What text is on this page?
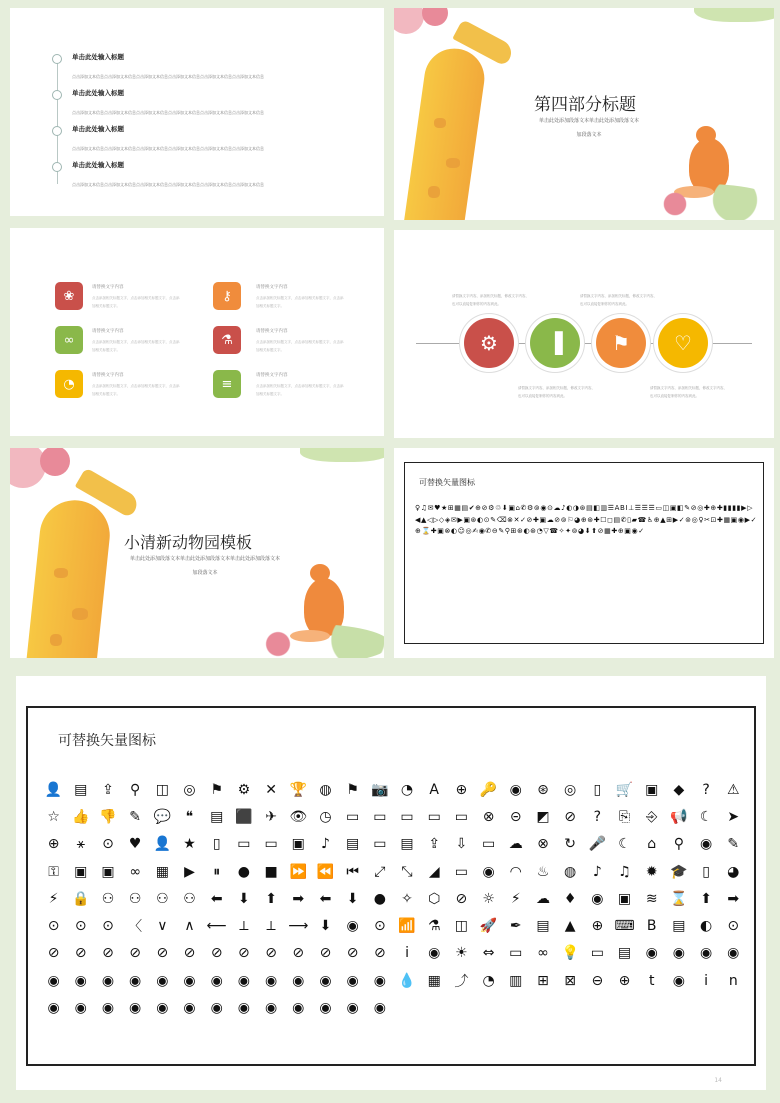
单击此处输入标题
点击添加文本信息点击添加文本信息点击添加文本信息点击添加文本信息点击添加文本信息点击添加文本信息
单击此处输入标题
点击添加文本信息点击添加文本信息点击添加文本信息点击添加文本信息点击添加文本信息点击添加文本信息
单击此处输入标题
点击添加文本信息点击添加文本信息点击添加文本信息点击添加文本信息点击添加文本信息点击添加文本信息
单击此处输入标题
点击添加文本信息点击添加文本信息点击添加文本信息点击添加文本信息点击添加文本信息点击添加文本信息
第四部分标题
单击此处添加段落文本单击此处添加段落文本
加段落文本
❀
请替换文字内容
点击添加相关标题文字，点击添加相关标题文字，点击添加相关标题文字。
⚷
请替换文字内容
点击添加相关标题文字，点击添加相关标题文字，点击添加相关标题文字。
∞
请替换文字内容
点击添加相关标题文字，点击添加相关标题文字，点击添加相关标题文字。
⚗
请替换文字内容
点击添加相关标题文字，点击添加相关标题文字，点击添加相关标题文字。
◔
请替换文字内容
点击添加相关标题文字，点击添加相关标题文字，点击添加相关标题文字。
≡
请替换文字内容
点击添加相关标题文字，点击添加相关标题文字，点击添加相关标题文字。
请替换文字内容，添加相关标题，修改文字内容，也可以直接复制你的内容到此。
请替换文字内容，添加相关标题，修改文字内容，也可以直接复制你的内容到此。
⚙ ▐ ⚑ ♡
请替换文字内容，添加相关标题，修改文字内容，也可以直接复制你的内容到此。
请替换文字内容，添加相关标题，修改文字内容，也可以直接复制你的内容到此。
小清新动物园模板
单击此处添加段落文本单击此处添加段落文本单击此处添加段落文本
加段落文本
可替换矢量图标
♀♫✉♥★⊞▦▤✔⊕⊘⚙♲⬇▣⌂✆⚙⊚◉⊙☁♪◐◑⊛▤◧▥☰ABI⊥☰☰☰▭◫▣◧✎⊘◎✚⊕✚▮▮▮▮▶▷◀▲◁▷◇◈✉▶▣⊛◐⊙✎⌫⊗✕✓⊘✚▣☁⊘⊚⚐◕⊕⊛✚☐◻▤✆▯▰☎♿⊕▲⊞▶✓⊚◎♀✂⊡✚▦▣◉▶✓⊕⌛✚▣⊗◐☺◎✍◉✆⊖✎⚲⊞⊛◐⊛◔▽☎✧✦⊚◕⬇⬆⊘▦✚⊕▣◉✓
可替换矢量图标
👤 ▤	⇪	⚲	◫	◎	⚑	⚙	✕ 🏆 ◍	⚑ 📷 ◔	A	⊕ 🔑 ◉	⊛	◎	▯	🛒 ▣	◆	?	⚠
☆ 👍 👎 ✎ 💬	❝	▤ ⬛ ✈ 👁 ◷	▭ ▭ ▭ ▭ ▭	⊗	⊝	◩	⊘	?	⎘	⎆ 📢 ☾	➤
⊕	⚹	⊙	♥ 👤 ★	▯	▭ ▭ ▣	♪	▤ ▭ ▤	⇪	⇩	▭ ☁	⊗	↻ 🎤 ☾	⌂	⚲	◉	✎
⚿	▣ ▣	∞	▦	▶	⏸	●	■ ⏩ ⏪ ⏮	⤢	⤡	◢	▭	◉	◠	♨	◍	♪	♫	✹ 🎓	▯	◕
⚡ 🔒 ⚇	⚇	⚇	⚇	⬅	⬇	⬆	➡	⬅	⬇	●	✧	⬡	⊘	☼	⚡	☁ ♦	◉	▣	≋ ⌛ ⬆	➡
⊙	⊙	⊙	〈	∨	∧ ⟵ ⟂	⟂ ⟶ ⬇	◉	⊙ 📶 ⚗	◫ 🚀 ✒	▤	▲	⊕ ⌨ B	▤	◐	⊙
⊘	⊘	⊘	⊘	⊘	⊘	⊘	⊘	⊘	⊘	⊘	⊘	⊘	i	◉	☀	⇔	▭	∞ 💡 ▭ ▤	◉	◉	◉	◉
◉	◉	◉	◉	◉	◉	◉	◉	◉	◉	◉	◉	◉ 💧 ▦ ⤴	◔	▥	⊞	⊠	⊖	⊕	t	◉	i	n
◉	◉	◉	◉	◉	◉	◉	◉	◉	◉	◉	◉	◉
14
